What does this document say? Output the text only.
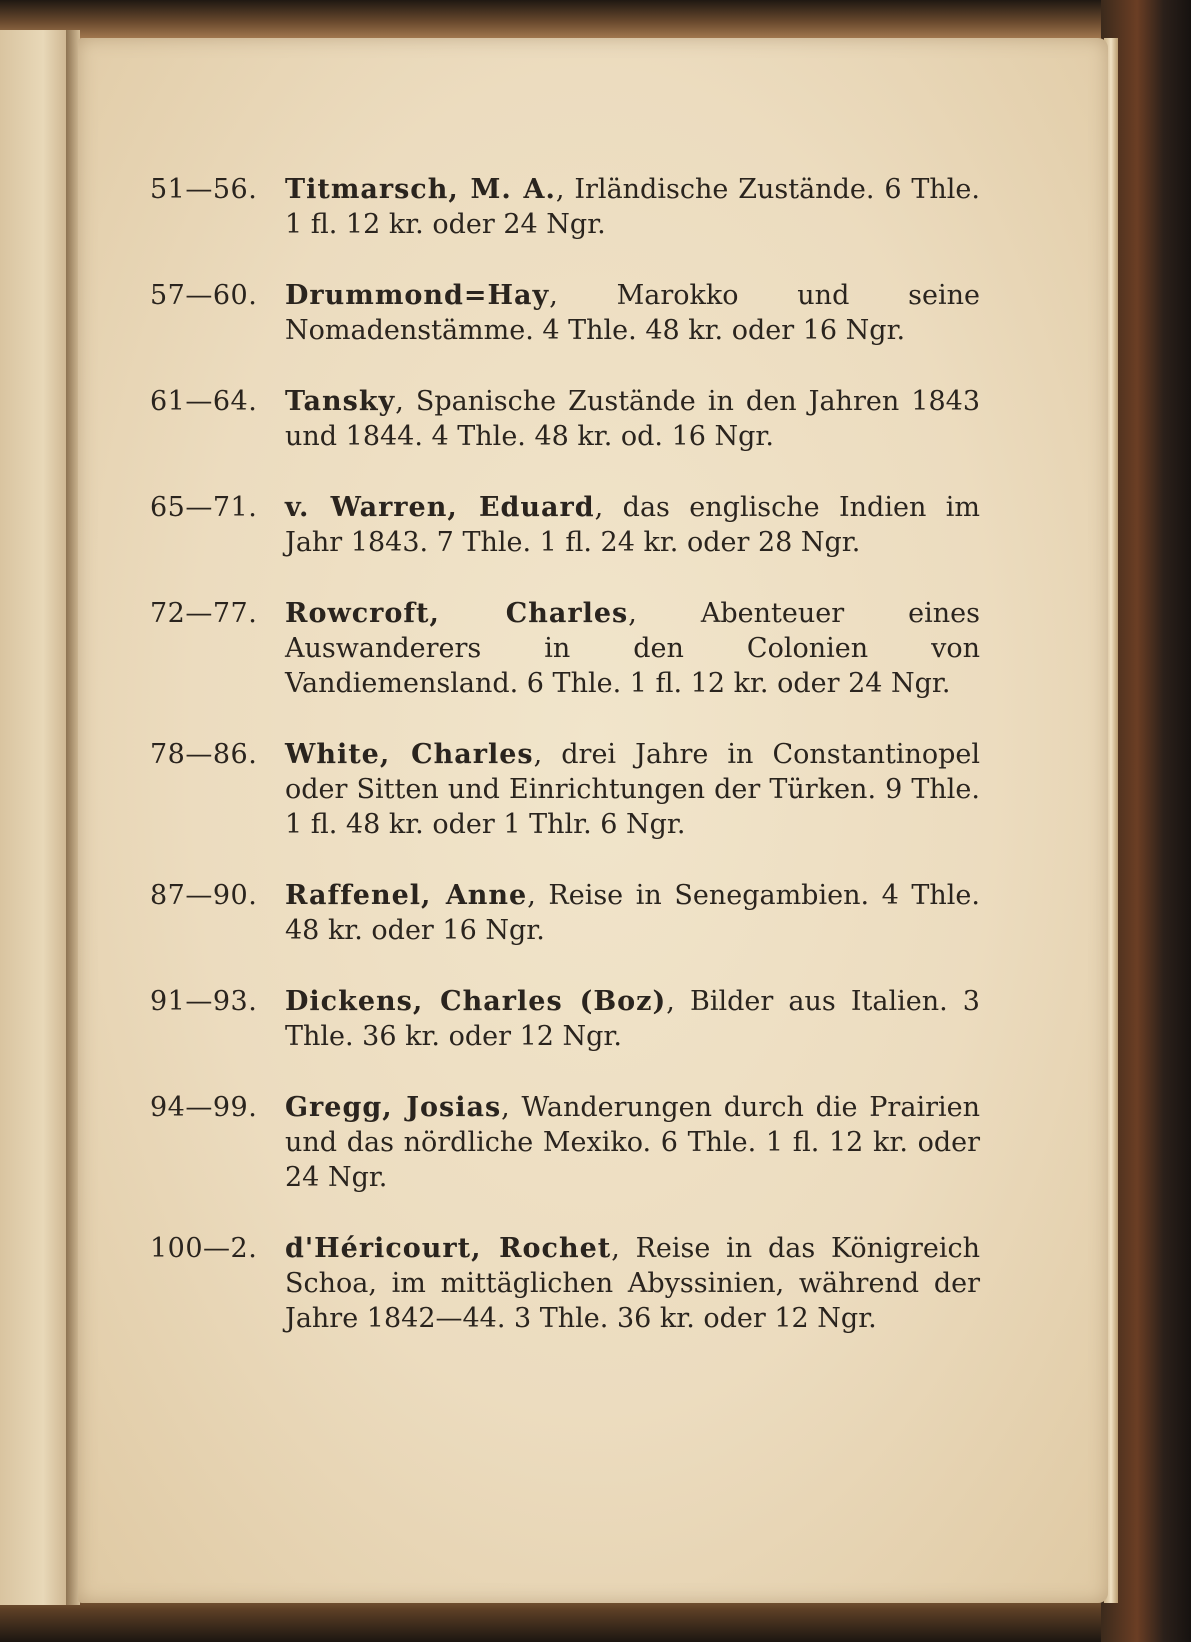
51—56.	Titmarsch, M. A., Irländische Zustände. 6 Thle. 1 fl. 12 kr. oder 24 Ngr.
57—60.	Drummond=Hay, Marokko und seine Nomadenstämme. 4 Thle. 48 kr. oder 16 Ngr.
61—64.	Tansky, Spanische Zustände in den Jahren 1843 und 1844. 4 Thle. 48 kr. od. 16 Ngr.
65—71.	v. Warren, Eduard, das englische Indien im Jahr 1843. 7 Thle. 1 fl. 24 kr. oder 28 Ngr.
72—77.	Rowcroft, Charles, Abenteuer eines Auswanderers in den Colonien von Vandiemensland. 6 Thle. 1 fl. 12 kr. oder 24 Ngr.
78—86.	White, Charles, drei Jahre in Constantinopel oder Sitten und Einrichtungen der Türken. 9 Thle. 1 fl. 48 kr. oder 1 Thlr. 6 Ngr.
87—90.	Raffenel, Anne, Reise in Senegambien. 4 Thle. 48 kr. oder 16 Ngr.
91—93.	Dickens, Charles (Boz), Bilder aus Italien. 3 Thle. 36 kr. oder 12 Ngr.
94—99.	Gregg, Josias, Wanderungen durch die Prairien und das nördliche Mexiko. 6 Thle. 1 fl. 12 kr. oder 24 Ngr.
100—2.	d'Héricourt, Rochet, Reise in das Königreich Schoa, im mittäglichen Abyssinien, während der Jahre 1842—44. 3 Thle. 36 kr. oder 12 Ngr.
